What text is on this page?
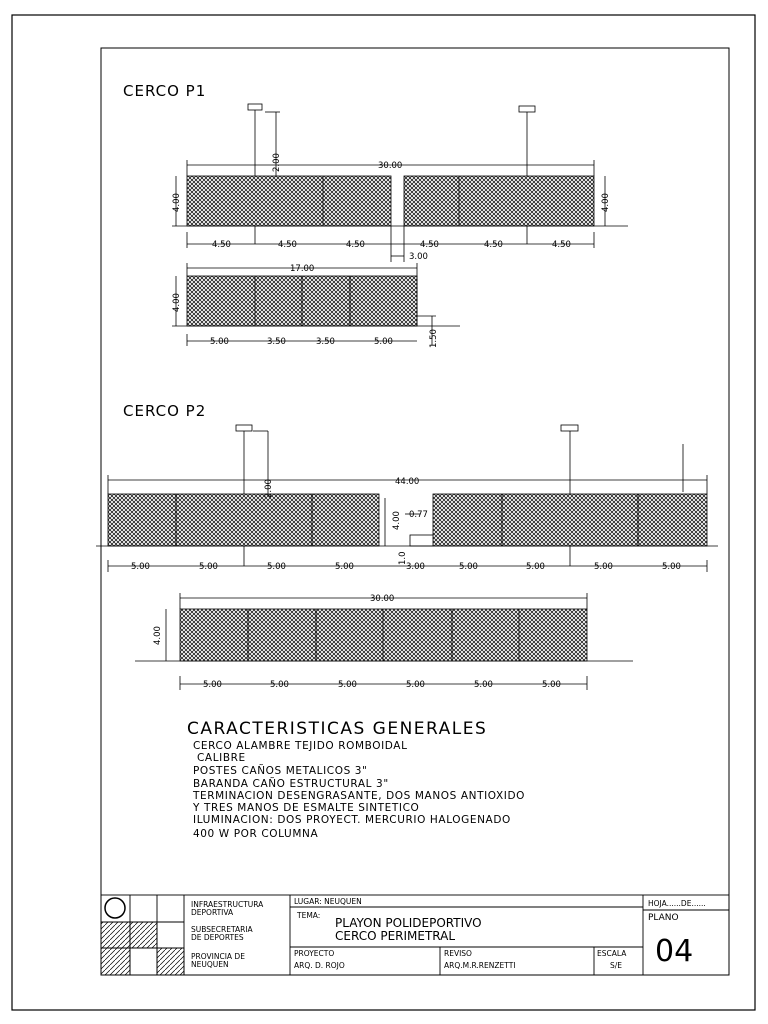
CERCO P1
30.00
4.00	4.00
2.00
4.50	4.50	4.50	4.50	4.50	4.50
3.00
17.00
4.00
5.00	3.50	3.50	5.00	1.50
CERCO P2
44.00
2.00
4.00 0.77
1.0
5.00	5.00	5.00	5.00	3.00	5.00	5.00	5.00	5.00
30.00
4.00
5.00	5.00	5.00	5.00	5.00	5.00
CARACTERISTICAS GENERALES
CERCO ALAMBRE TEJIDO ROMBOIDAL
CALIBRE
POSTES CAÑOS METALICOS 3"
BARANDA CAÑO ESTRUCTURAL 3"
TERMINACION DESENGRASANTE, DOS MANOS ANTIOXIDO
Y TRES MANOS DE ESMALTE SINTETICO
ILUMINACION: DOS PROYECT. MERCURIO HALOGENADO
400 W POR COLUMNA
INFRAESTRUCTURA
DEPORTIVA
SUBSECRETARIA
DE DEPORTES
PROVINCIA DE
NEUQUEN
LUGAR: NEUQUEN
TEMA:
PLAYON POLIDEPORTIVO
CERCO PERIMETRAL
PROYECTO
ARQ. D. ROJO
REVISO
ARQ.M.R.RENZETTI
ESCALA
S/E
HOJA......DE......
PLANO
04
